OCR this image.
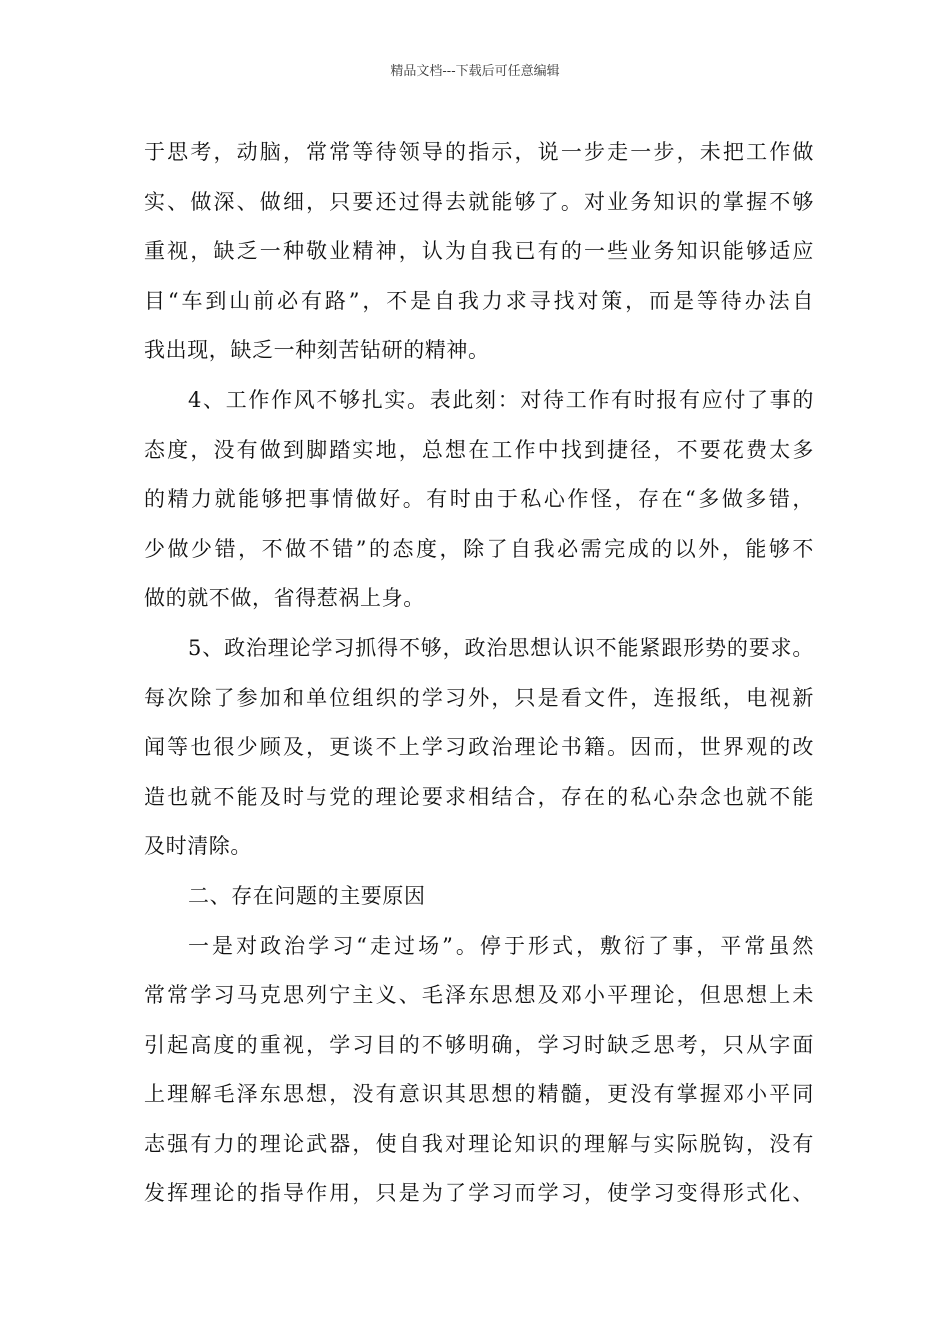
精品文档---下载后可任意编辑
于思考，动脑，常常等待领导的指示，说一步走一步，未把工作做
实、做深、做细，只要还过得去就能够了。对业务知识的掌握不够
重视，缺乏一种敬业精神，认为自我已有的一些业务知识能够适应
目“车到山前必有路”，不是自我力求寻找对策，而是等待办法自
我出现，缺乏一种刻苦钻研的精神。
4、工作作风不够扎实。表此刻：对待工作有时报有应付了事的
态度，没有做到脚踏实地，总想在工作中找到捷径，不要花费太多
的精力就能够把事情做好。有时由于私心作怪，存在“多做多错，
少做少错，不做不错”的态度，除了自我必需完成的以外，能够不
做的就不做，省得惹祸上身。
5、政治理论学习抓得不够，政治思想认识不能紧跟形势的要求。
每次除了参加和单位组织的学习外，只是看文件，连报纸，电视新
闻等也很少顾及，更谈不上学习政治理论书籍。因而，世界观的改
造也就不能及时与党的理论要求相结合，存在的私心杂念也就不能
及时清除。
二、存在问题的主要原因
一是对政治学习“走过场”。停于形式，敷衍了事，平常虽然
常常学习马克思列宁主义、毛泽东思想及邓小平理论，但思想上未
引起高度的重视，学习目的不够明确，学习时缺乏思考，只从字面
上理解毛泽东思想，没有意识其思想的精髓，更没有掌握邓小平同
志强有力的理论武器，使自我对理论知识的理解与实际脱钩，没有
发挥理论的指导作用，只是为了学习而学习，使学习变得形式化、
